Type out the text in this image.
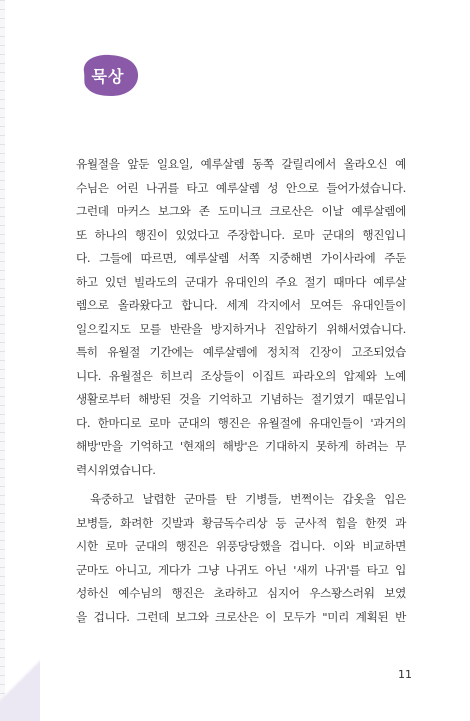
묵상
유월절을 앞둔 일요일, 예루살렘 동쪽 갈릴리에서 올라오신 예
수님은 어린 나귀를 타고 예루살렘 성 안으로 들어가셨습니다.
그런데 마커스 보그와 존 도미니크 크로산은 이날 예루살렘에
또 하나의 행진이 있었다고 주장합니다. 로마 군대의 행진입니
다. 그들에 따르면, 예루살렘 서쪽 지중해변 가이사라에 주둔
하고 있던 빌라도의 군대가 유대인의 주요 절기 때마다 예루살
렘으로 올라왔다고 합니다. 세계 각지에서 모여든 유대인들이
일으킬지도 모를 반란을 방지하거나 진압하기 위해서였습니다.
특히 유월절 기간에는 예루살렘에 정치적 긴장이 고조되었습
니다. 유월절은 히브리 조상들이 이집트 파라오의 압제와 노예
생활로부터 해방된 것을 기억하고 기념하는 절기였기 때문입니
다. 한마디로 로마 군대의 행진은 유월절에 유대인들이 '과거의
해방'만을 기억하고 '현재의 해방'은 기대하지 못하게 하려는 무
력시위였습니다.
육중하고 날렵한 군마를 탄 기병들, 번쩍이는 갑옷을 입은
보병들, 화려한 깃발과 황금독수리상 등 군사적 힘을 한껏 과
시한 로마 군대의 행진은 위풍당당했을 겁니다. 이와 비교하면
군마도 아니고, 게다가 그냥 나귀도 아닌 '새끼 나귀'를 타고 입
성하신 예수님의 행진은 초라하고 심지어 우스꽝스러워 보였
을 겁니다. 그런데 보그와 크로산은 이 모두가 "미리 계획된 반
11
